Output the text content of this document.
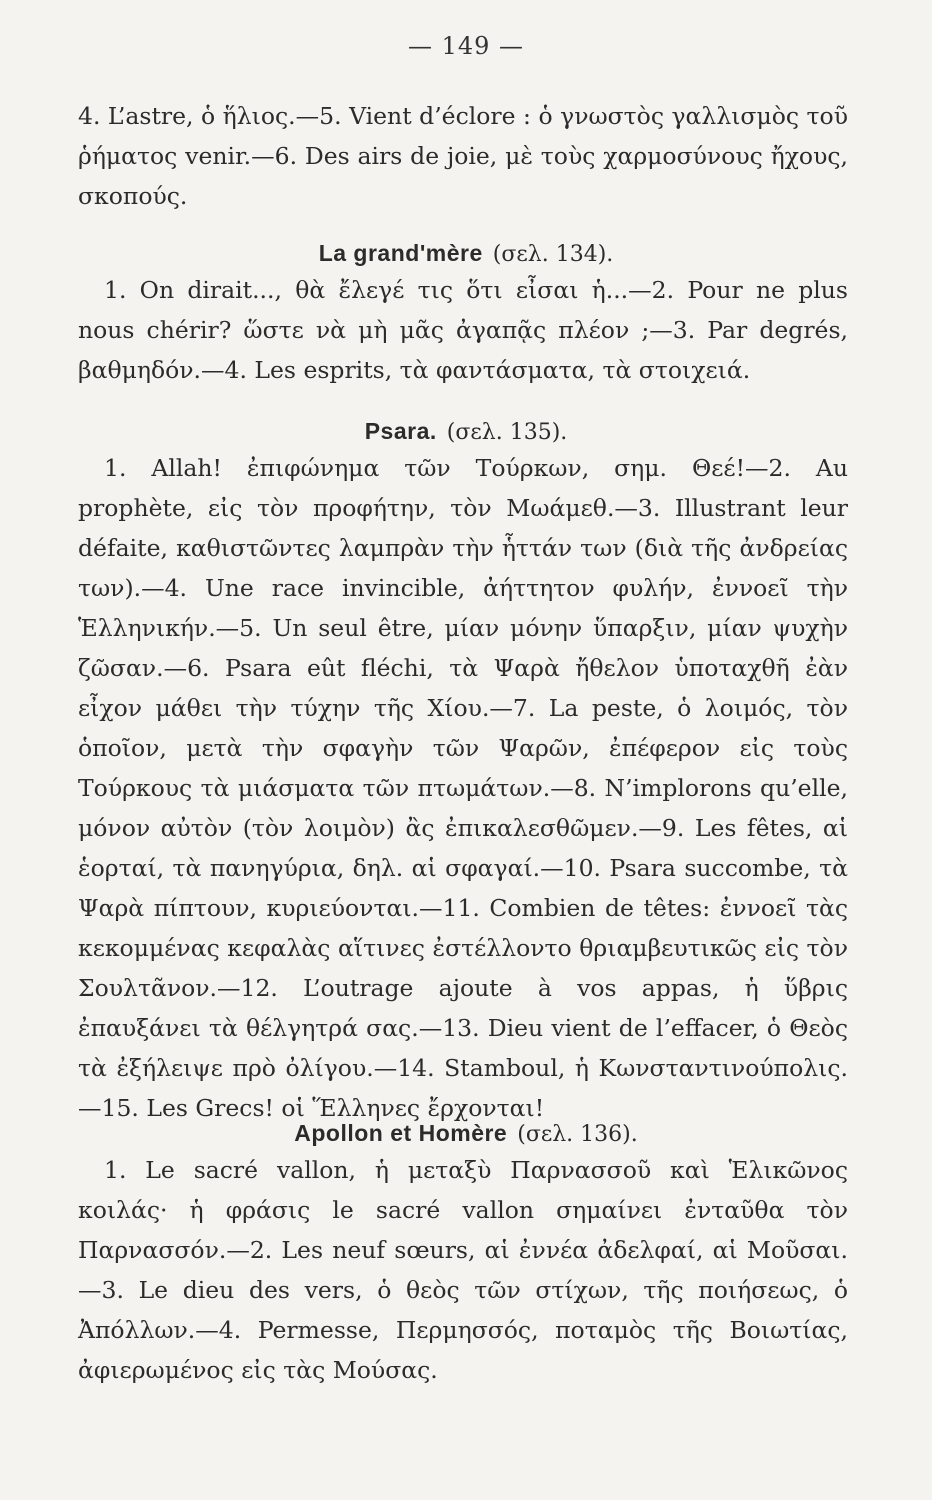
— 149 —

4. L’astre, ὁ ἥλιος.—5. Vient d’éclore : ὁ γνωστὸς γαλλισμὸς τοῦ ῥήματος venir.—6. Des airs de joie, μὲ τοὺς χαρμοσύνους ἤχους, σκοπούς.

La grand'mère (σελ. 134).

1. On dirait..., θὰ ἔλεγέ τις ὅτι εἶσαι ἡ...—2. Pour ne plus nous chérir? ὥστε νὰ μὴ μᾶς ἀγαπᾷς πλέον ;—3. Par degrés, βαθμηδόν.—4. Les esprits, τὰ φαντάσματα, τὰ στοιχειά.

Psara. (σελ. 135).

1. Allah! ἐπιφώνημα τῶν Τούρκων, σημ. Θεέ!—2. Au prophète, εἰς τὸν προφήτην, τὸν Μωάμεθ.—3. Illustrant leur défaite, καθιστῶντες λαμπρὰν τὴν ἧττάν των (διὰ τῆς ἀνδρείας των).—4. Une race invincible, ἀήττητον φυλήν, ἐννοεῖ τὴν Ἑλληνικήν.—5. Un seul être, μίαν μόνην ὕπαρξιν, μίαν ψυχὴν ζῶσαν.—6. Psara eût fléchi, τὰ Ψαρὰ ἤθελον ὑποταχθῆ ἐὰν εἶχον μάθει τὴν τύχην τῆς Χίου.—7. La peste, ὁ λοιμός, τὸν ὁποῖον, μετὰ τὴν σφαγὴν τῶν Ψαρῶν, ἐπέφερον εἰς τοὺς Τούρκους τὰ μιάσματα τῶν πτωμάτων.—8. N’implorons qu’elle, μόνον αὐτὸν (τὸν λοιμὸν) ἂς ἐπικαλεσθῶμεν.—9. Les fêtes, αἱ ἑορταί, τὰ πανηγύρια, δηλ. αἱ σφαγαί.—10. Psara succombe, τὰ Ψαρὰ πίπτουν, κυριεύονται.—11. Combien de têtes: ἐννοεῖ τὰς κεκομμένας κεφαλὰς αἵτινες ἐστέλλοντο θριαμβευτικῶς εἰς τὸν Σουλτᾶνον.—12. L’outrage ajoute à vos appas, ἡ ὕβρις ἐπαυξάνει τὰ θέλγητρά σας.—13. Dieu vient de l’effacer, ὁ Θεὸς τὰ ἐξήλειψε πρὸ ὀλίγου.—14. Stamboul, ἡ Κωνσταντινούπολις.—15. Les Grecs! οἱ Ἕλληνες ἔρχονται!

Apollon et Homère (σελ. 136).

1. Le sacré vallon, ἡ μεταξὺ Παρνασσοῦ καὶ Ἑλικῶνος κοιλάς· ἡ φράσις le sacré vallon σημαίνει ἐνταῦθα τὸν Παρνασσόν.—2. Les neuf sœurs, αἱ ἐννέα ἀδελφαί, αἱ Μοῦσαι.—3. Le dieu des vers, ὁ θεὸς τῶν στίχων, τῆς ποιήσεως, ὁ Ἀπόλλων.—4. Permesse, Περμησσός, ποταμὸς τῆς Βοιωτίας, ἀφιερωμένος εἰς τὰς Μούσας.
